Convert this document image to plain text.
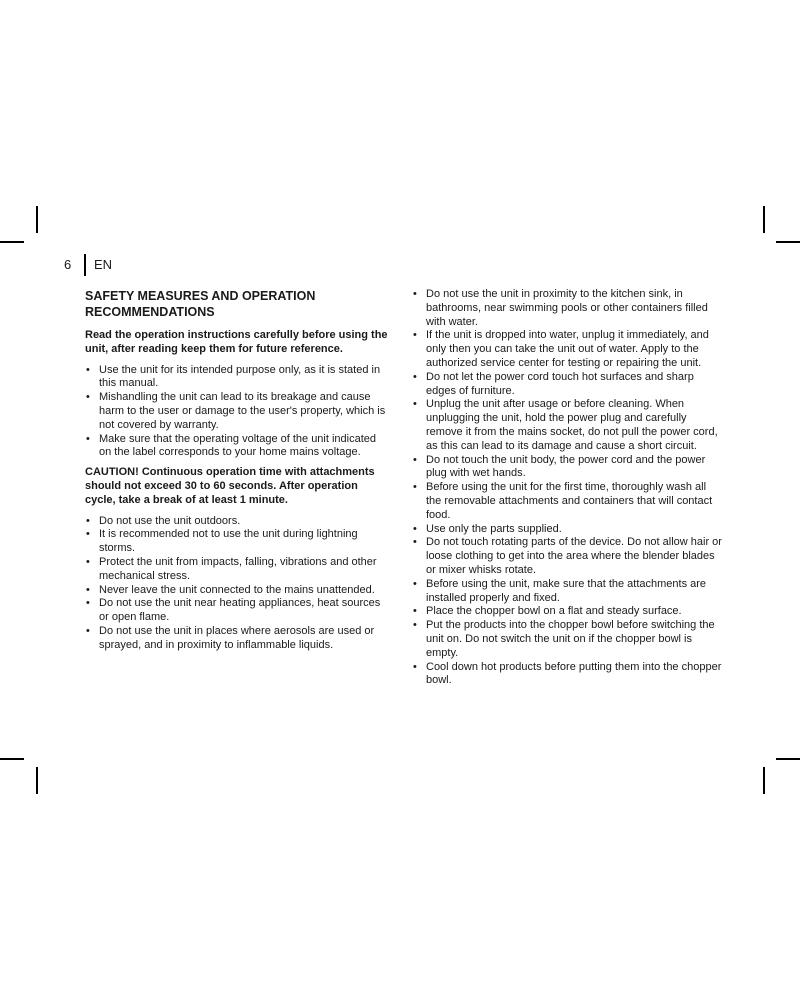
6 EN
SAFETY MEASURES AND OPERATION RECOMMENDATIONS
Read the operation instructions carefully before using the unit, after reading keep them for future reference.
• Use the unit for its intended purpose only, as it is stated in this manual.
• Mishandling the unit can lead to its breakage and cause harm to the user or damage to the user's property, which is not covered by warranty.
• Make sure that the operating voltage of the unit indicated on the label corresponds to your home mains voltage.
CAUTION! Continuous operation time with attachments should not exceed 30 to 60 seconds. After operation cycle, take a break of at least 1 minute.
• Do not use the unit outdoors.
• It is recommended not to use the unit during lightning storms.
• Protect the unit from impacts, falling, vibrations and other mechanical stress.
• Never leave the unit connected to the mains unattended.
• Do not use the unit near heating appliances, heat sources or open flame.
• Do not use the unit in places where aerosols are used or sprayed, and in proximity to inflammable liquids.
• Do not use the unit in proximity to the kitchen sink, in bathrooms, near swimming pools or other containers filled with water.
• If the unit is dropped into water, unplug it immediately, and only then you can take the unit out of water. Apply to the authorized service center for testing or repairing the unit.
• Do not let the power cord touch hot surfaces and sharp edges of furniture.
• Unplug the unit after usage or before cleaning. When unplugging the unit, hold the power plug and carefully remove it from the mains socket, do not pull the power cord, as this can lead to its damage and cause a short circuit.
• Do not touch the unit body, the power cord and the power plug with wet hands.
• Before using the unit for the first time, thoroughly wash all the removable attachments and containers that will contact food.
• Use only the parts supplied.
• Do not touch rotating parts of the device. Do not allow hair or loose clothing to get into the area where the blender blades or mixer whisks rotate.
• Before using the unit, make sure that the attachments are installed properly and fixed.
• Place the chopper bowl on a flat and steady surface.
• Put the products into the chopper bowl before switching the unit on. Do not switch the unit on if the chopper bowl is empty.
• Cool down hot products before putting them into the chopper bowl.
